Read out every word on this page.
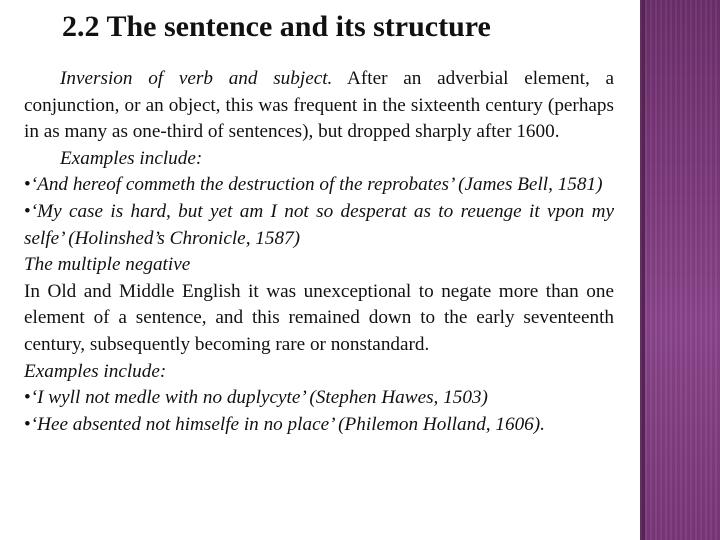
2.2 The sentence and its structure

Inversion of verb and subject. After an adverbial element, a conjunction, or an object, this was frequent in the sixteenth century (perhaps in as many as one-third of sentences), but dropped sharply after 1600.

Examples include:

• ‘And hereof commeth the destruction of the reprobates’ (James Bell, 1581)

• ‘My case is hard, but yet am I not so desperat as to reuenge it vpon my selfe’ (Holinshed’s Chronicle, 1587)

The multiple negative

In Old and Middle English it was unexceptional to negate more than one element of a sentence, and this remained down to the early seventeenth century, subsequently becoming rare or nonstandard.

Examples include:

• ‘I wyll not medle with no duplycyte’ (Stephen Hawes, 1503)

• ‘Hee absented not himselfe in no place’ (Philemon Holland, 1606).
